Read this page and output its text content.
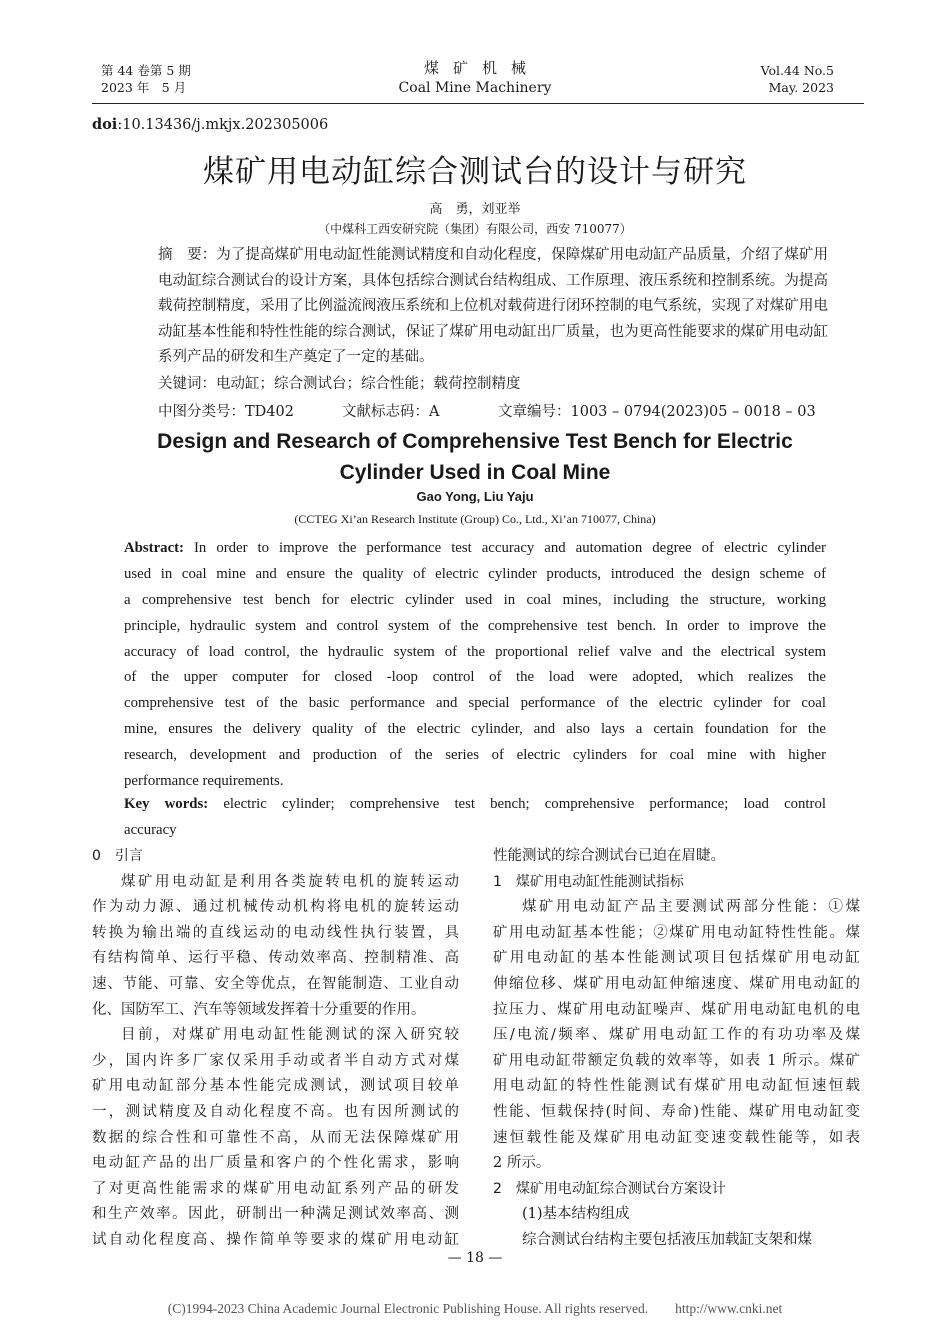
第 44 卷第 5 期
2023 年　5 月
煤矿机械
Coal Mine Machinery
Vol.44 No.5
May. 2023
doi:10.13436/j.mkjx.202305006
煤矿用电动缸综合测试台的设计与研究
高　勇，刘亚举
（中煤科工西安研究院（集团）有限公司，西安 710077）
摘　要：为了提高煤矿用电动缸性能测试精度和自动化程度，保障煤矿用电动缸产品质量，介绍了煤矿用电动缸综合测试台的设计方案，具体包括综合测试台结构组成、工作原理、液压系统和控制系统。为提高载荷控制精度，采用了比例溢流阀液压系统和上位机对载荷进行闭环控制的电气系统，实现了对煤矿用电动缸基本性能和特性性能的综合测试，保证了煤矿用电动缸出厂质量，也为更高性能要求的煤矿用电动缸系列产品的研发和生产奠定了一定的基础。
关键词：电动缸；综合测试台；综合性能；载荷控制精度
中图分类号：TD402	文献标志码：A	文章编号：1003 – 0794(2023)05 – 0018 – 03
Design and Research of Comprehensive Test Bench for Electric
Cylinder Used in Coal Mine
Gao Yong, Liu Yaju
(CCTEG Xi’an Research Institute (Group) Co., Ltd., Xi’an 710077, China)
Abstract: In order to improve the performance test accuracy and automation degree of electric cylinder
used in coal mine and ensure the quality of electric cylinder products, introduced the design scheme of
a comprehensive test bench for electric cylinder used in coal mines, including the structure, working
principle, hydraulic system and control system of the comprehensive test bench. In order to improve the
accuracy of load control, the hydraulic system of the proportional relief valve and the electrical system
of the upper computer for closed -loop control of the load were adopted, which realizes the
comprehensive test of the basic performance and special performance of the electric cylinder for coal
mine, ensures the delivery quality of the electric cylinder, and also lays a certain foundation for the
research, development and production of the series of electric cylinders for coal mine with higher
performance requirements.
Key words: electric cylinder; comprehensive test bench; comprehensive performance; load control
accuracy
0　引言
煤矿用电动缸是利用各类旋转电机的旋转运动
作为动力源、通过机械传动机构将电机的旋转运动
转换为输出端的直线运动的电动线性执行装置，具
有结构简单、运行平稳、传动效率高、控制精准、高
速、节能、可靠、安全等优点，在智能制造、工业自动
化、国防军工、汽车等领域发挥着十分重要的作用。
目前，对煤矿用电动缸性能测试的深入研究较
少，国内许多厂家仅采用手动或者半自动方式对煤
矿用电动缸部分基本性能完成测试，测试项目较单
一，测试精度及自动化程度不高。也有因所测试的
数据的综合性和可靠性不高，从而无法保障煤矿用
电动缸产品的出厂质量和客户的个性化需求，影响
了对更高性能需求的煤矿用电动缸系列产品的研发
和生产效率。因此，研制出一种满足测试效率高、测
试自动化程度高、操作简单等要求的煤矿用电动缸
性能测试的综合测试台已迫在眉睫。
1　煤矿用电动缸性能测试指标
煤矿用电动缸产品主要测试两部分性能：①煤
矿用电动缸基本性能；②煤矿用电动缸特性性能。煤
矿用电动缸的基本性能测试项目包括煤矿用电动缸
伸缩位移、煤矿用电动缸伸缩速度、煤矿用电动缸的
拉压力、煤矿用电动缸噪声、煤矿用电动缸电机的电
压/电流/频率、煤矿用电动缸工作的有功功率及煤
矿用电动缸带额定负载的效率等，如表 1 所示。煤矿
用电动缸的特性性能测试有煤矿用电动缸恒速恒载
性能、恒载保持(时间、寿命)性能、煤矿用电动缸变
速恒载性能及煤矿用电动缸变速变载性能等，如表
2 所示。
2　煤矿用电动缸综合测试台方案设计
(1)基本结构组成
综合测试台结构主要包括液压加载缸支架和煤
— 18 —
(C)1994-2023 China Academic Journal Electronic Publishing House. All rights reserved.　　http://www.cnki.net
